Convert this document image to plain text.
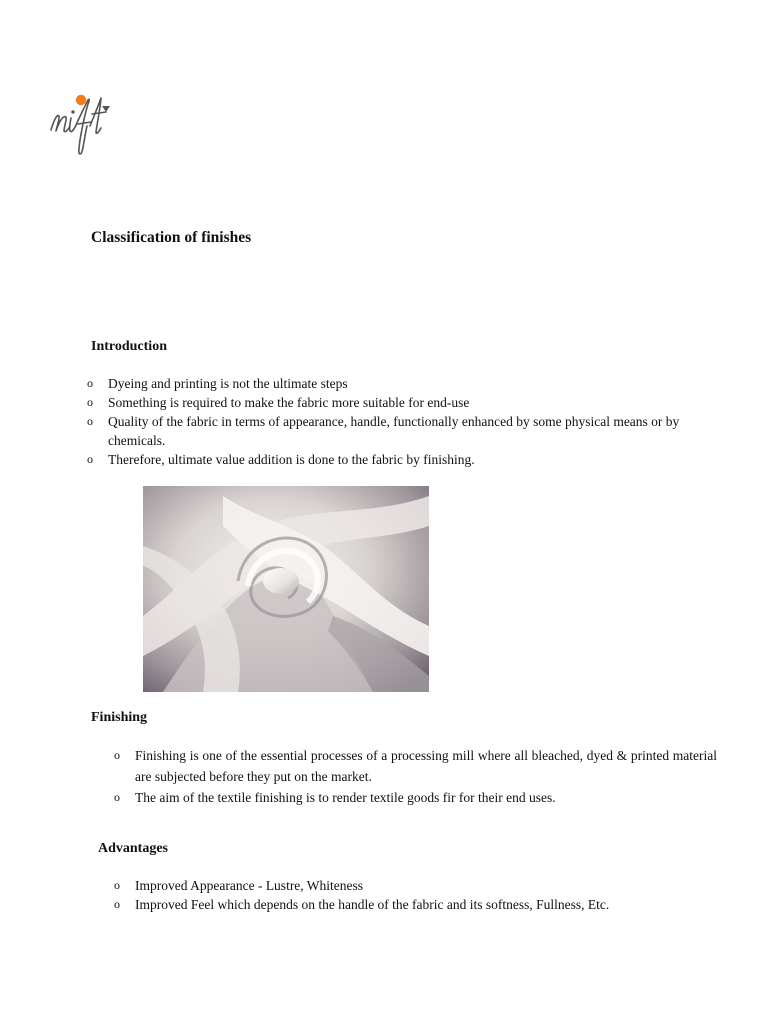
Classification of finishes
Introduction
o Dyeing and printing is not the ultimate steps
o Something is required to make the fabric more suitable for end-use
o Quality of the fabric in terms of appearance, handle, functionally enhanced by some physical means or by chemicals.
o Therefore, ultimate value addition is done to the fabric by finishing.
Finishing
o Finishing is one of the essential processes of a processing mill where all bleached, dyed & printed material are subjected before they put on the market.
o The aim of the textile finishing is to render textile goods fir for their end uses.
Advantages
o Improved Appearance - Lustre, Whiteness
o Improved Feel which depends on the handle of the fabric and its softness, Fullness, Etc.
